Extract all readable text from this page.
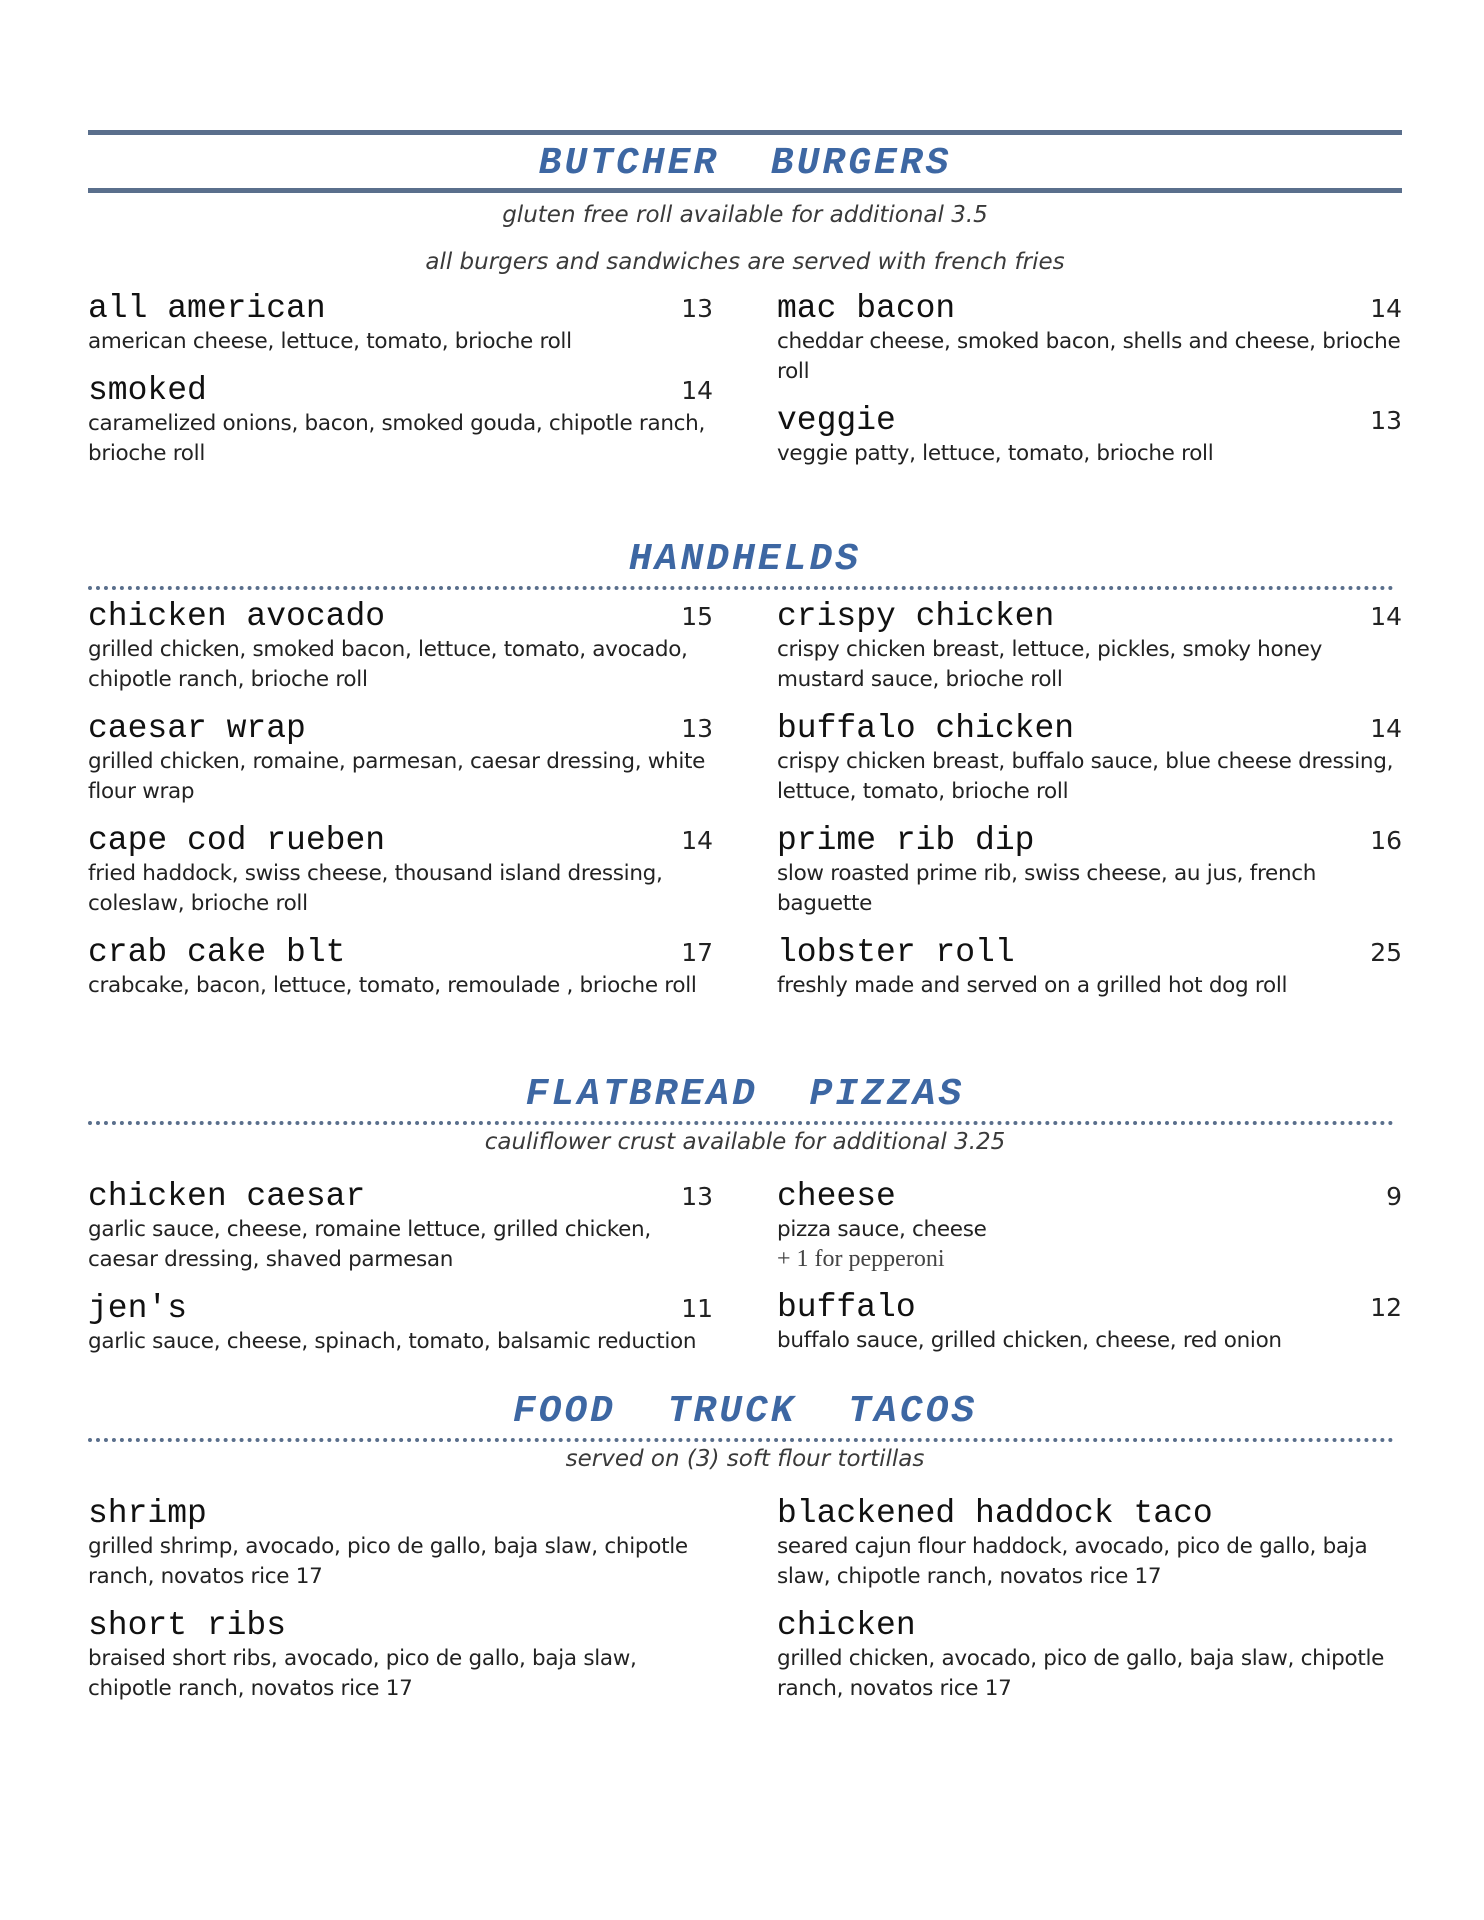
BUTCHER  BURGERS
gluten free roll available for additional 3.5
all burgers and sandwiches are served with french fries
all american	13
american cheese, lettuce, tomato, brioche roll
smoked	14
caramelized onions, bacon, smoked gouda, chipotle ranch, brioche roll
mac bacon	14
cheddar cheese, smoked bacon, shells and cheese, brioche roll
veggie	13
veggie patty, lettuce, tomato, brioche roll
HANDHELDS
chicken avocado	15
grilled chicken, smoked bacon, lettuce, tomato, avocado, chipotle ranch, brioche roll
caesar wrap	13
grilled chicken, romaine, parmesan, caesar dressing, white flour wrap
cape cod rueben	14
fried haddock, swiss cheese, thousand island dressing, coleslaw, brioche roll
crab cake blt	17
crabcake, bacon, lettuce, tomato, remoulade , brioche roll
crispy chicken	14
crispy chicken breast, lettuce, pickles, smoky honey mustard sauce, brioche roll
buffalo chicken	14
crispy chicken breast, buffalo sauce, blue cheese dressing, lettuce, tomato, brioche roll
prime rib dip	16
slow roasted prime rib, swiss cheese, au jus, french baguette
lobster roll	25
freshly made and served on a grilled hot dog roll
FLATBREAD  PIZZAS
cauliflower crust available for additional 3.25
chicken caesar	13
garlic sauce, cheese, romaine lettuce, grilled chicken, caesar dressing, shaved parmesan
jen's	11
garlic sauce, cheese, spinach, tomato, balsamic reduction
cheese	9
pizza sauce, cheese
+ 1 for pepperoni
buffalo	12
buffalo sauce, grilled chicken, cheese, red onion
FOOD  TRUCK  TACOS
served on (3) soft flour tortillas
shrimp
grilled shrimp, avocado, pico de gallo, baja slaw, chipotle ranch, novatos rice 17
short ribs
braised short ribs, avocado, pico de gallo, baja slaw, chipotle ranch, novatos rice 17
blackened haddock taco
seared cajun flour haddock, avocado, pico de gallo, baja slaw, chipotle ranch, novatos rice 17
chicken
grilled chicken, avocado, pico de gallo, baja slaw, chipotle ranch, novatos rice 17
